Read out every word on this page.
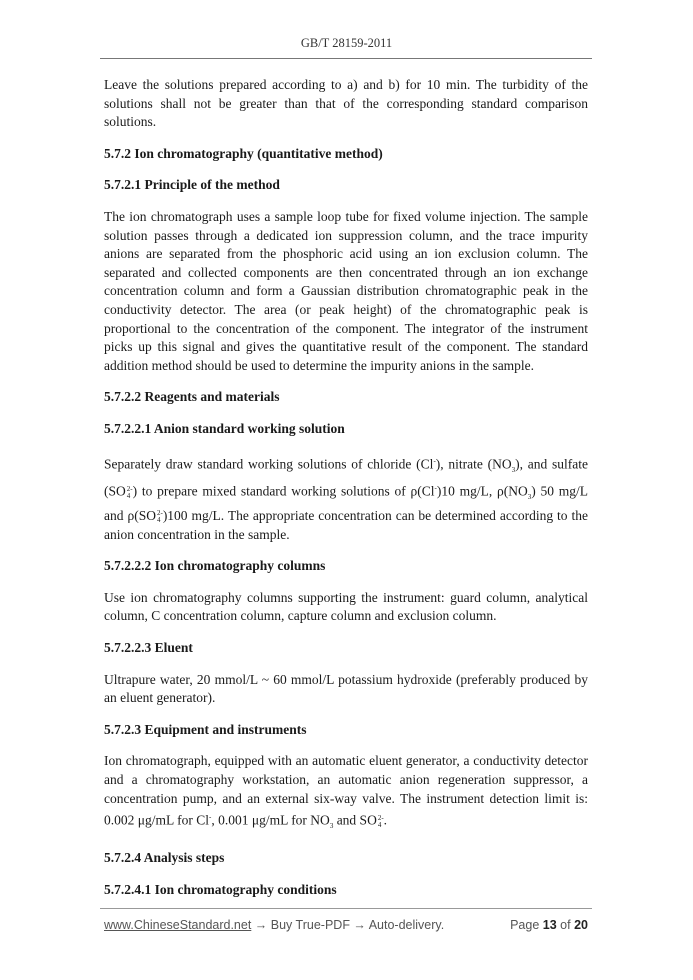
GB/T 28159-2011

Leave the solutions prepared according to a) and b) for 10 min. The turbidity of the solutions shall not be greater than that of the corresponding standard comparison solutions.

5.7.2 Ion chromatography (quantitative method)
5.7.2.1 Principle of the method

The ion chromatograph uses a sample loop tube for fixed volume injection. The sample solution passes through a dedicated ion suppression column, and the trace impurity anions are separated from the phosphoric acid using an ion exclusion column. The separated and collected components are then concentrated through an ion exchange concentration column and form a Gaussian distribution chromatographic peak in the conductivity detector. The area (or peak height) of the chromatographic peak is proportional to the concentration of the component. The integrator of the instrument picks up this signal and gives the quantitative result of the component. The standard addition method should be used to determine the impurity anions in the sample.

5.7.2.2 Reagents and materials
5.7.2.2.1 Anion standard working solution

Separately draw standard working solutions of chloride (Cl-), nitrate $(NO_3)$, and sulfate (SO 2-
4 ) to prepare mixed standard working solutions of ρ(Cl-)10 mg/L, $\rho(NO_3)$ 50 mg/L and ρ(SO 2-
4 )100 mg/L. The appropriate concentration can be determined according to the anion concentration in the sample.

5.7.2.2.2 Ion chromatography columns

Use ion chromatography columns supporting the instrument: guard column, analytical column, C concentration column, capture column and exclusion column.

5.7.2.2.3 Eluent

Ultrapure water, 20 mmol/L ~ 60 mmol/L potassium hydroxide (preferably produced by an eluent generator).

5.7.2.3 Equipment and instruments

Ion chromatograph, equipped with an automatic eluent generator, a conductivity detector and a chromatography workstation, an automatic anion regeneration suppressor, a concentration pump, and an external six-way valve. The instrument detection limit is: 0.002 μg/mL for Cl-, 0.001 μg/mL for $NO_3$ and SO 2-
4 .

5.7.2.4 Analysis steps
5.7.2.4.1 Ion chromatography conditions
www.ChineseStandard.net → Buy True-PDF → Auto-delivery.	Page 13 of 20
